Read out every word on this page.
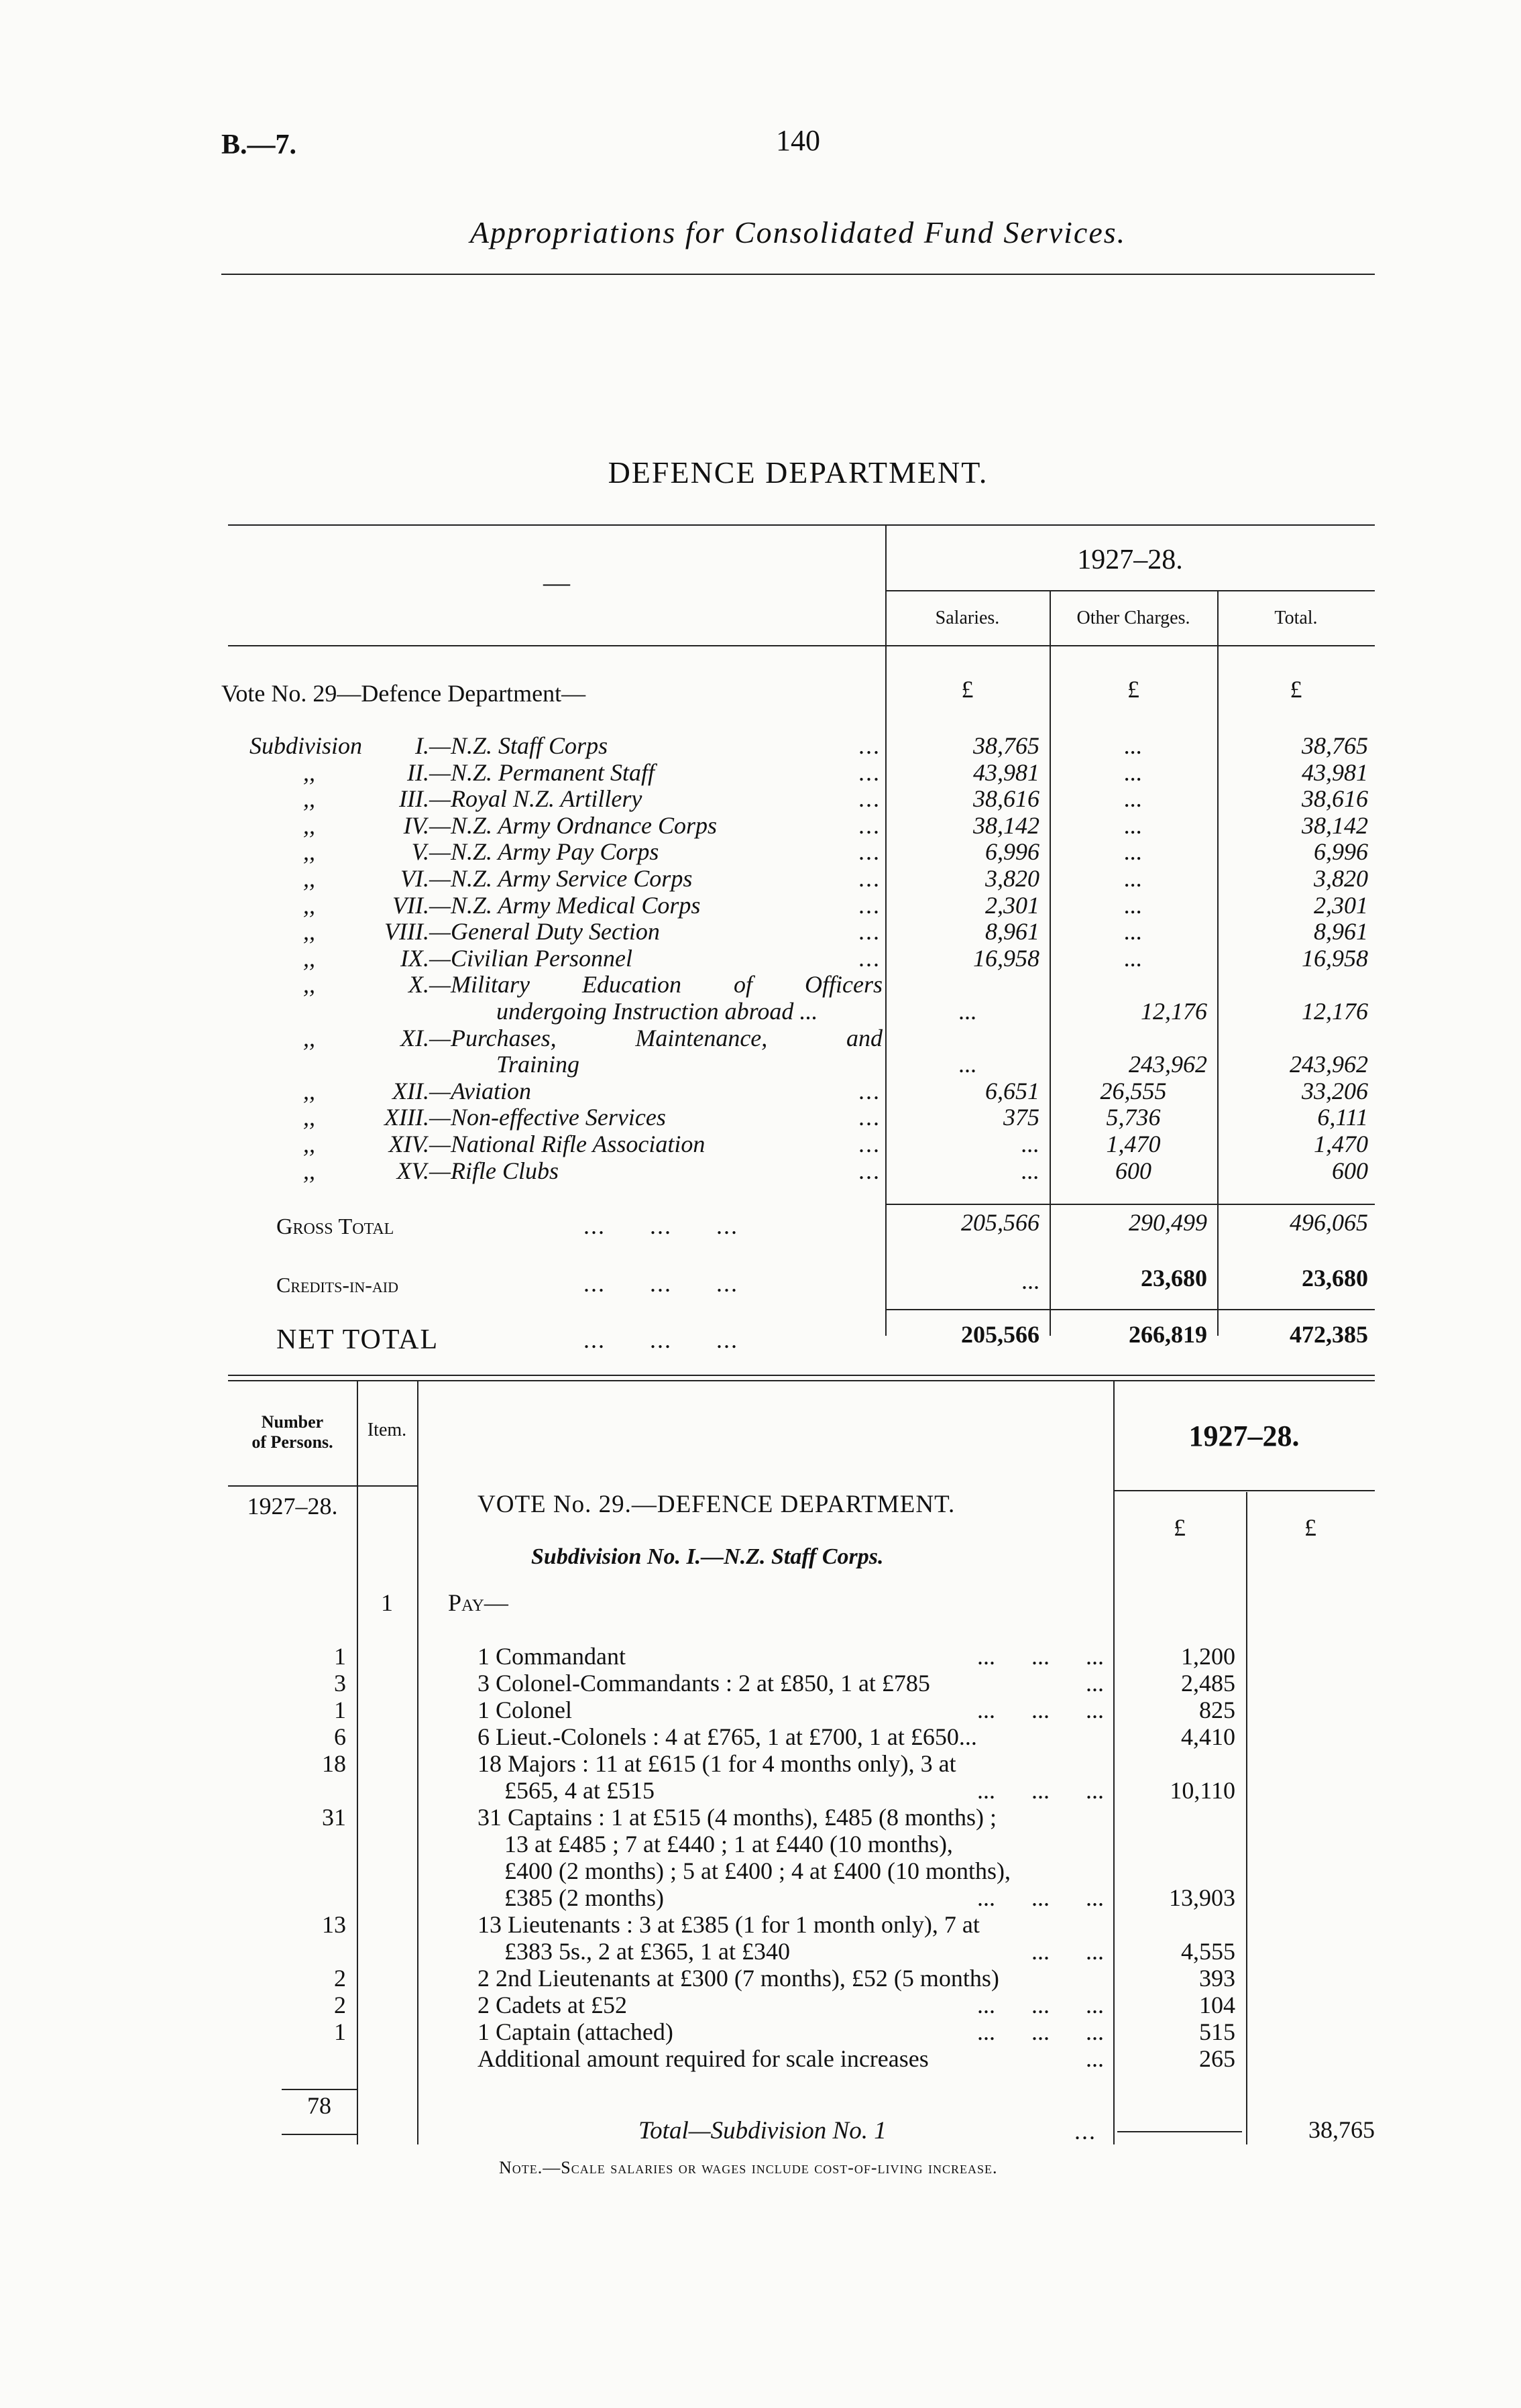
B.—7.	140
Appropriations for Consolidated Fund Services.
DEFENCE DEPARTMENT.
—
1927–28.
Salaries.	Other Charges.	Total.
Vote No. 29—Defence Department—	£	£	£
Subdivision	I. —N.Z. Staff Corps	...	38,765	...	38,765
,,	II. —N.Z. Permanent Staff	...	43,981	...	43,981
,,	III. —Royal N.Z. Artillery	...	38,616	...	38,616
,,	IV. —N.Z. Army Ordnance Corps	...	38,142	...	38,142
,,	V. —N.Z. Army Pay Corps	...	6,996	...	6,996
,,	VI. —N.Z. Army Service Corps	...	3,820	...	3,820
,,	VII. —N.Z. Army Medical Corps	...	2,301	...	2,301
,,	VIII. —General Duty Section	...	8,961	...	8,961
,,	IX. —Civilian Personnel	...	16,958	...	16,958
,,	X. —Military Education of Officers
undergoing Instruction abroad ...	...	12,176	12,176
,,	XI. —Purchases, Maintenance, and
Training	...	243,962	243,962
,,	XII. —Aviation	...	6,651	26,555	33,206
,,	XIII. —Non-effective Services	...	375	5,736	6,111
,,	XIV. —National Rifle Association	...	...	1,470	1,470
,,	XV. —Rifle Clubs	...	...	600	600
Gross Total	...      ...      ...	205,566	290,499	496,065
Credits-in-aid	...      ...      ...	...	23,680	23,680
NET TOTAL	...      ...      ...	205,566	266,819	472,385
Number
of Persons.
Item.	1927–28.
1927–28.	VOTE No. 29.—DEFENCE DEPARTMENT.
£	£
Subdivision No. I.—N.Z. Staff Corps.
1	Pay—
1	1 Commandant	...      ...      ...	1,200
3	3 Colonel-Commandants : 2 at £850, 1 at £785	...	2,485
1	1 Colonel	...      ...      ...	825
6	6 Lieut.-Colonels : 4 at £765, 1 at £700, 1 at £650...	4,410
18	18 Majors : 11 at £615 (1 for 4 months only), 3 at
£565, 4 at £515	...      ...      ...	10,110
31	31 Captains : 1 at £515 (4 months), £485 (8 months) ;
13 at £485 ; 7 at £440 ; 1 at £440 (10 months),
£400 (2 months) ; 5 at £400 ; 4 at £400 (10 months),
£385 (2 months)	...      ...      ...	13,903
13	13 Lieutenants : 3 at £385 (1 for 1 month only), 7 at
£383 5s., 2 at £365, 1 at £340	...      ...	4,555
2	2 2nd Lieutenants at £300 (7 months), £52 (5 months)	393
2	2 Cadets at £52	...      ...      ...	104
1	1 Captain (attached)	...      ...      ...	515
Additional amount required for scale increases	...	265
78
Total—Subdivision No. 1	...	38,765
Note.—Scale salaries or wages include cost-of-living increase.
